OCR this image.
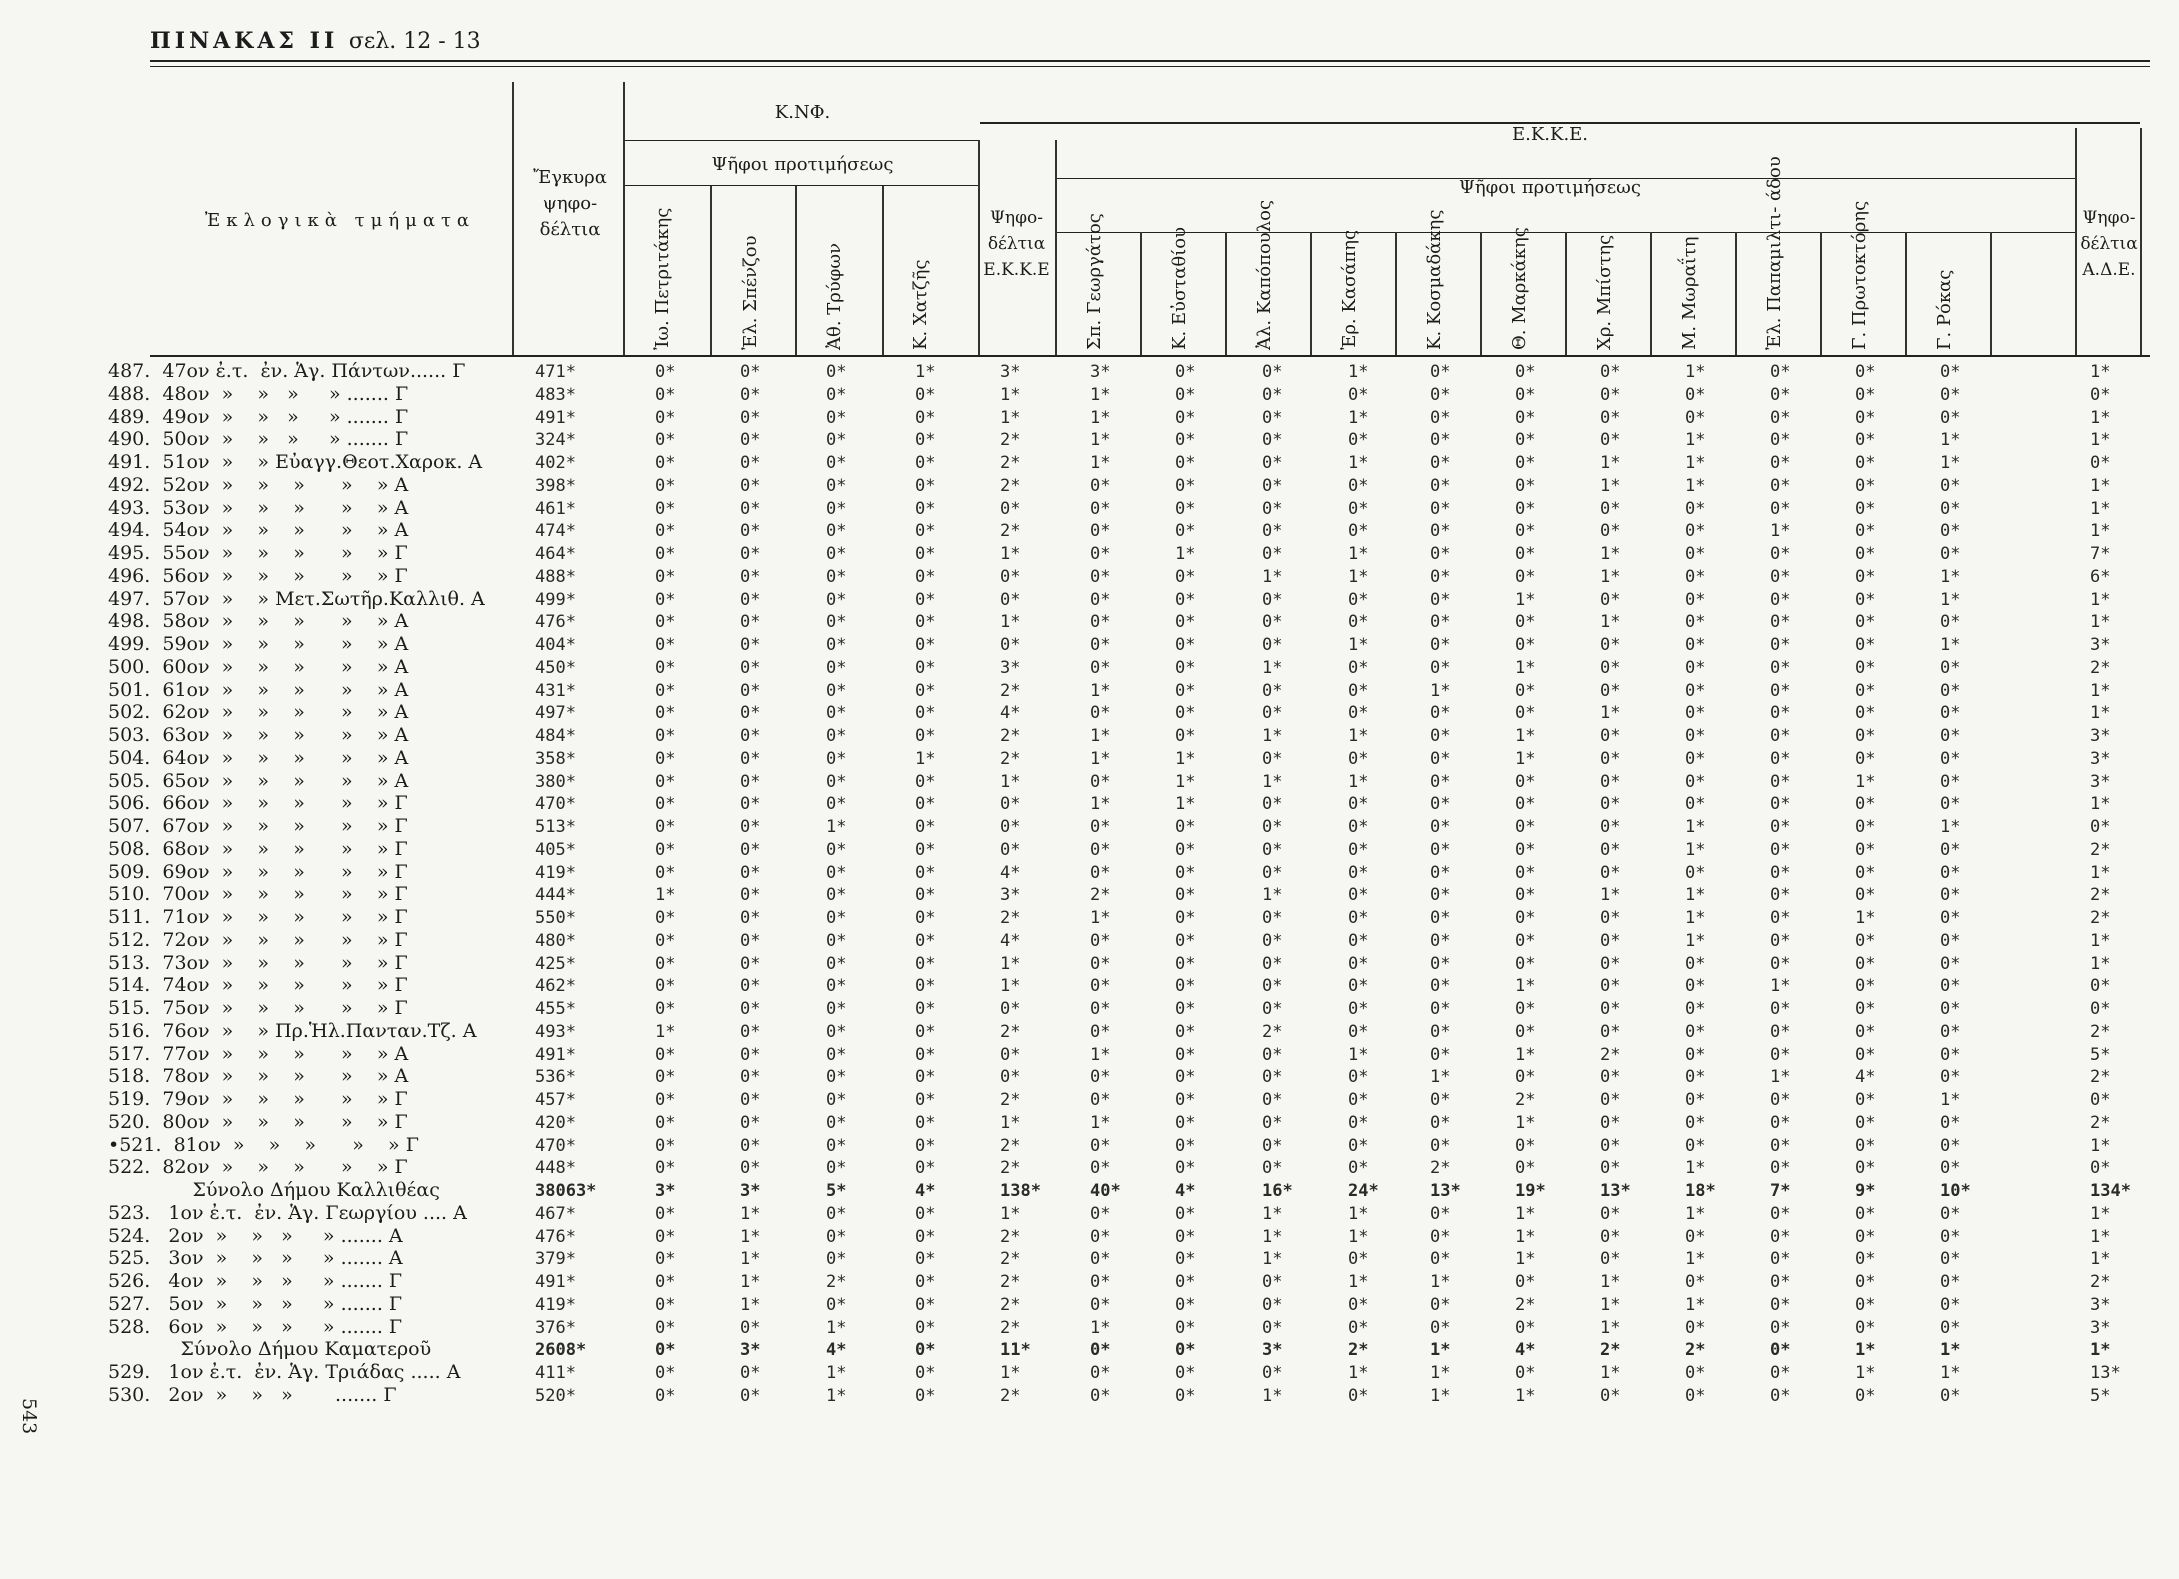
ΠΙΝΑΚΑΣ ΙΙ σελ. 12 - 13
Ἐκλογικὰ τμήματα
Ἔγκυρα ψηφο- δέλτια
Κ.ΝΦ.
Ψῆφοι προτιμήσεως
Ε.Κ.Κ.Ε.
Ψῆφοι προτιμήσεως
Ψηφο- δέλτια Ε.Κ.Κ.Ε
Ψηφο- δέλτια Α.Δ.Ε.
Ἰω. Πετριτάκης	Ἐλ. Σπένζου	Ἀθ. Τρύφων	Κ. Χατζῆς	Σπ. Γεωργάτος	Κ. Εὐσταθίου	Ἀλ. Καπόπουλος	Ἐρ. Κασάπης	Κ. Κοσμαδάκης	Θ. Μαρκάκης	Χρ. Μπίστης	Μ. Μωραΐτη	Ἐλ. Παπαμιλτι- άδου	Γ. Πρωτοκτόρης	Γ. Ρόκας
487.  47ον ἐ.τ.  ἐν. Ἁγ. Πάντων...... Γ	471*	0*	0*	0*	1*	3*	3*	0*	0*	1*	0*	0*	0*	1*	0*	0*	0*	1*
488.  48ον  »    »   »     » ....... Γ	483*	0*	0*	0*	0*	1*	1*	0*	0*	0*	0*	0*	0*	0*	0*	0*	0*	0*
489.  49ον  »    »   »     » ....... Γ	491*	0*	0*	0*	0*	1*	1*	0*	0*	1*	0*	0*	0*	0*	0*	0*	0*	1*
490.  50ον  »    »   »     » ....... Γ	324*	0*	0*	0*	0*	2*	1*	0*	0*	0*	0*	0*	0*	1*	0*	0*	1*	1*
491.  51ον  »    » Εὐαγγ.Θεοτ.Χαροκ. Α	402*	0*	0*	0*	0*	2*	1*	0*	0*	1*	0*	0*	1*	1*	0*	0*	1*	0*
492.  52ον  »    »    »      »    » Α	398*	0*	0*	0*	0*	2*	0*	0*	0*	0*	0*	0*	1*	1*	0*	0*	0*	1*
493.  53ον  »    »    »      »    » Α	461*	0*	0*	0*	0*	0*	0*	0*	0*	0*	0*	0*	0*	0*	0*	0*	0*	1*
494.  54ον  »    »    »      »    » Α	474*	0*	0*	0*	0*	2*	0*	0*	0*	0*	0*	0*	0*	0*	1*	0*	0*	1*
495.  55ον  »    »    »      »    » Γ	464*	0*	0*	0*	0*	1*	0*	1*	0*	1*	0*	0*	1*	0*	0*	0*	0*	7*
496.  56ον  »    »    »      »    » Γ	488*	0*	0*	0*	0*	0*	0*	0*	1*	1*	0*	0*	1*	0*	0*	0*	1*	6*
497.  57ον  »    » Μετ.Σωτῆρ.Καλλιθ. Α	499*	0*	0*	0*	0*	0*	0*	0*	0*	0*	0*	1*	0*	0*	0*	0*	1*	1*
498.  58ον  »    »    »      »    » Α	476*	0*	0*	0*	0*	1*	0*	0*	0*	0*	0*	0*	1*	0*	0*	0*	0*	1*
499.  59ον  »    »    »      »    » Α	404*	0*	0*	0*	0*	0*	0*	0*	0*	1*	0*	0*	0*	0*	0*	0*	1*	3*
500.  60ον  »    »    »      »    » Α	450*	0*	0*	0*	0*	3*	0*	0*	1*	0*	0*	1*	0*	0*	0*	0*	0*	2*
501.  61ον  »    »    »      »    » Α	431*	0*	0*	0*	0*	2*	1*	0*	0*	0*	1*	0*	0*	0*	0*	0*	0*	1*
502.  62ον  »    »    »      »    » Α	497*	0*	0*	0*	0*	4*	0*	0*	0*	0*	0*	0*	1*	0*	0*	0*	0*	1*
503.  63ον  »    »    »      »    » Α	484*	0*	0*	0*	0*	2*	1*	0*	1*	1*	0*	1*	0*	0*	0*	0*	0*	3*
504.  64ον  »    »    »      »    » Α	358*	0*	0*	0*	1*	2*	1*	1*	0*	0*	0*	1*	0*	0*	0*	0*	0*	3*
505.  65ον  »    »    »      »    » Α	380*	0*	0*	0*	0*	1*	0*	1*	1*	1*	0*	0*	0*	0*	0*	1*	0*	3*
506.  66ον  »    »    »      »    » Γ	470*	0*	0*	0*	0*	0*	1*	1*	0*	0*	0*	0*	0*	0*	0*	0*	0*	1*
507.  67ον  »    »    »      »    » Γ	513*	0*	0*	1*	0*	0*	0*	0*	0*	0*	0*	0*	0*	1*	0*	0*	1*	0*
508.  68ον  »    »    »      »    » Γ	405*	0*	0*	0*	0*	0*	0*	0*	0*	0*	0*	0*	0*	1*	0*	0*	0*	2*
509.  69ον  »    »    »      »    » Γ	419*	0*	0*	0*	0*	4*	0*	0*	0*	0*	0*	0*	0*	0*	0*	0*	0*	1*
510.  70ον  »    »    »      »    » Γ	444*	1*	0*	0*	0*	3*	2*	0*	1*	0*	0*	0*	1*	1*	0*	0*	0*	2*
511.  71ον  »    »    »      »    » Γ	550*	0*	0*	0*	0*	2*	1*	0*	0*	0*	0*	0*	0*	1*	0*	1*	0*	2*
512.  72ον  »    »    »      »    » Γ	480*	0*	0*	0*	0*	4*	0*	0*	0*	0*	0*	0*	0*	1*	0*	0*	0*	1*
513.  73ον  »    »    »      »    » Γ	425*	0*	0*	0*	0*	1*	0*	0*	0*	0*	0*	0*	0*	0*	0*	0*	0*	1*
514.  74ον  »    »    »      »    » Γ	462*	0*	0*	0*	0*	1*	0*	0*	0*	0*	0*	1*	0*	0*	1*	0*	0*	0*
515.  75ον  »    »    »      »    » Γ	455*	0*	0*	0*	0*	0*	0*	0*	0*	0*	0*	0*	0*	0*	0*	0*	0*	0*
516.  76ον  »    » Πρ.Ἡλ.Πανταν.Τζ. Α	493*	1*	0*	0*	0*	2*	0*	0*	2*	0*	0*	0*	0*	0*	0*	0*	0*	2*
517.  77ον  »    »    »      »    » Α	491*	0*	0*	0*	0*	0*	1*	0*	0*	1*	0*	1*	2*	0*	0*	0*	0*	5*
518.  78ον  »    »    »      »    » Α	536*	0*	0*	0*	0*	0*	0*	0*	0*	0*	1*	0*	0*	0*	1*	4*	0*	2*
519.  79ον  »    »    »      »    » Γ	457*	0*	0*	0*	0*	2*	0*	0*	0*	0*	0*	2*	0*	0*	0*	0*	1*	0*
520.  80ον  »    »    »      »    » Γ	420*	0*	0*	0*	0*	1*	1*	0*	0*	0*	0*	1*	0*	0*	0*	0*	0*	2*
•521.  81ον  »    »    »      »    » Γ	470*	0*	0*	0*	0*	2*	0*	0*	0*	0*	0*	0*	0*	0*	0*	0*	0*	1*
522.  82ον  »    »    »      »    » Γ	448*	0*	0*	0*	0*	2*	0*	0*	0*	0*	2*	0*	0*	1*	0*	0*	0*	0*
Σύνολο Δήμου Καλλιθέας	38063*	3*	3*	5*	4*	138*	40*	4*	16*	24*	13*	19*	13*	18*	7*	9*	10*	134*
523.   1ον ἐ.τ.  ἐν. Ἁγ. Γεωργίου .... Α	467*	0*	1*	0*	0*	1*	0*	0*	1*	1*	0*	1*	0*	1*	0*	0*	0*	1*
524.   2ον  »    »   »     » ....... Α	476*	0*	1*	0*	0*	2*	0*	0*	1*	1*	0*	1*	0*	0*	0*	0*	0*	1*
525.   3ον  »    »   »     » ....... Α	379*	0*	1*	0*	0*	2*	0*	0*	1*	0*	0*	1*	0*	1*	0*	0*	0*	1*
526.   4ον  »    »   »     » ....... Γ	491*	0*	1*	2*	0*	2*	0*	0*	0*	1*	1*	0*	1*	0*	0*	0*	0*	2*
527.   5ον  »    »   »     » ....... Γ	419*	0*	1*	0*	0*	2*	0*	0*	0*	0*	0*	2*	1*	1*	0*	0*	0*	3*
528.   6ον  »    »   »     » ....... Γ	376*	0*	0*	1*	0*	2*	1*	0*	0*	0*	0*	0*	1*	0*	0*	0*	0*	3*
Σύνολο Δήμου Καματεροῦ	2608*	0*	3*	4*	0*	11*	0*	0*	3*	2*	1*	4*	2*	2*	0*	1*	1*	1*
529.   1ον ἐ.τ.  ἐν. Ἁγ. Τριάδας ..... Α	411*	0*	0*	1*	0*	1*	0*	0*	0*	1*	1*	0*	1*	0*	0*	1*	1*	13*
530.   2ον  »    »   »       ....... Γ	520*	0*	0*	1*	0*	2*	0*	0*	1*	0*	1*	1*	0*	0*	0*	0*	0*	5*
543
